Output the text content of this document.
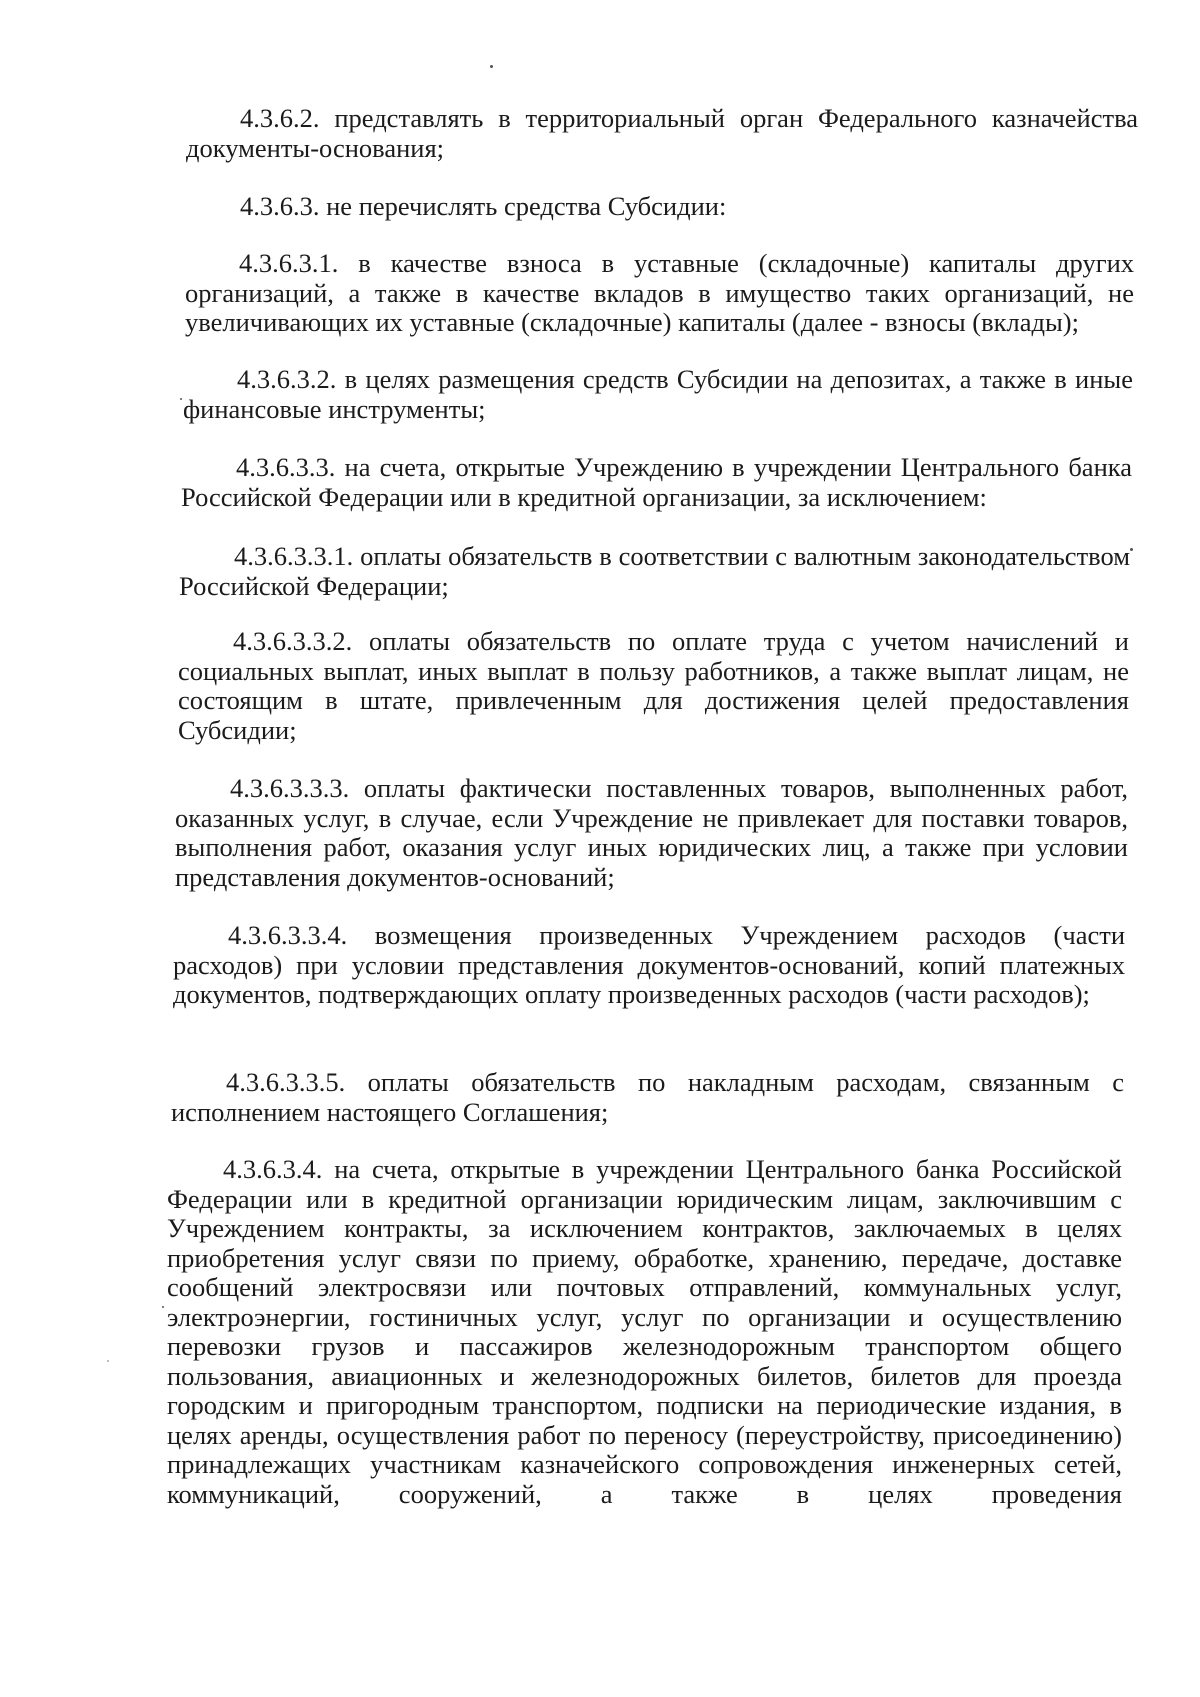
4.3.6.2. представлять в территориальный орган Федерального казначейства документы-основания;

4.3.6.3. не перечислять средства Субсидии:

4.3.6.3.1. в качестве взноса в уставные (складочные) капиталы других организаций, а также в качестве вкладов в имущество таких организаций, не увеличивающих их уставные (складочные) капиталы (далее - взносы (вклады);

4.3.6.3.2. в целях размещения средств Субсидии на депозитах, а также в иные финансовые инструменты;

4.3.6.3.3. на счета, открытые Учреждению в учреждении Центрального банка Российской Федерации или в кредитной организации, за исключением:

4.3.6.3.3.1. оплаты обязательств в соответствии с валютным законодательством Российской Федерации;

4.3.6.3.3.2. оплаты обязательств по оплате труда с учетом начислений и социальных выплат, иных выплат в пользу работников, а также выплат лицам, не состоящим в штате, привлеченным для достижения целей предоставления Субсидии;

4.3.6.3.3.3. оплаты фактически поставленных товаров, выполненных работ, оказанных услуг, в случае, если Учреждение не привлекает для поставки товаров, выполнения работ, оказания услуг иных юридических лиц, а также при условии представления документов-оснований;

4.3.6.3.3.4. возмещения произведенных Учреждением расходов (части расходов) при условии представления документов-оснований, копий платежных документов, подтверждающих оплату произведенных расходов (части расходов);

4.3.6.3.3.5. оплаты обязательств по накладным расходам, связанным с исполнением настоящего Соглашения;

4.3.6.3.4. на счета, открытые в учреждении Центрального банка Российской Федерации или в кредитной организации юридическим лицам, заключившим с Учреждением контракты, за исключением контрактов, заключаемых в целях приобретения услуг связи по приему, обработке, хранению, передаче, доставке сообщений электросвязи или почтовых отправлений, коммунальных услуг, электроэнергии, гостиничных услуг, услуг по организации и осуществлению перевозки грузов и пассажиров железнодорожным транспортом общего пользования, авиационных и железнодорожных билетов, билетов для проезда городским и пригородным транспортом, подписки на периодические издания, в целях аренды, осуществления работ по переносу (переустройству, присоединению) принадлежащих участникам казначейского сопровождения инженерных сетей, коммуникаций, сооружений, а также в целях проведения
